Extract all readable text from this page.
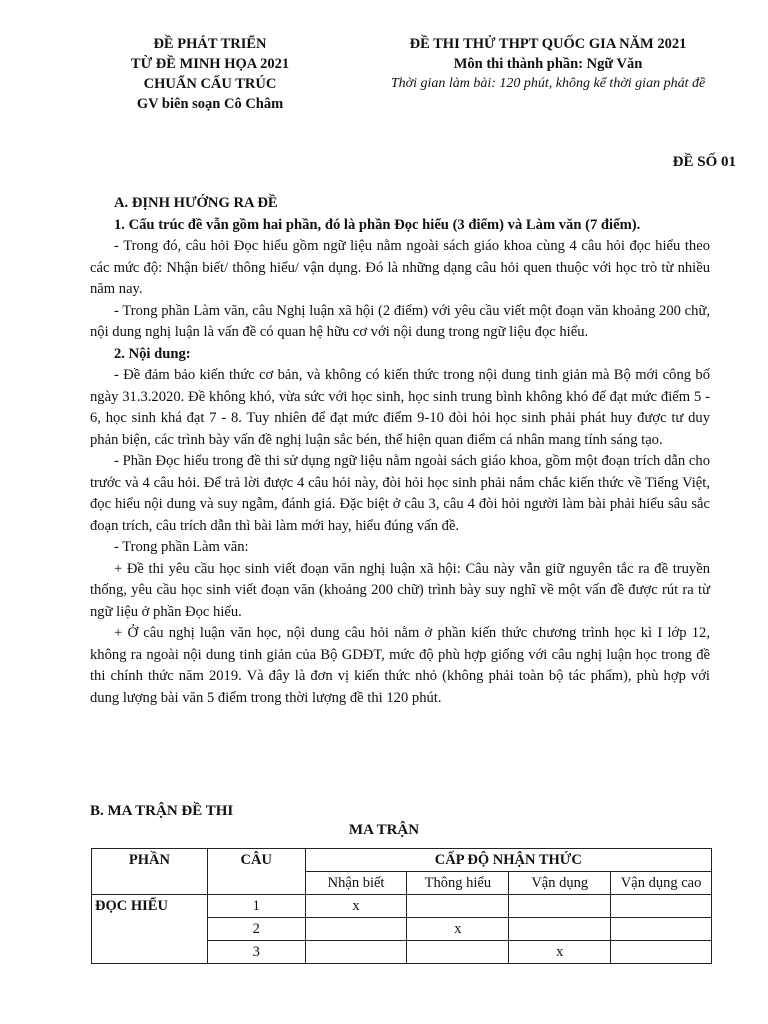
ĐỀ PHÁT TRIỂN
TỪ ĐỀ MINH HỌA 2021
CHUẨN CẤU TRÚC
GV biên soạn Cô Châm
ĐỀ THI THỬ THPT QUỐC GIA NĂM 2021
Môn thi thành phần: Ngữ Văn
Thời gian làm bài: 120 phút, không kể thời gian phát đề
ĐỀ SỐ 01

A. ĐỊNH HƯỚNG RA ĐỀ

1. Cấu trúc đề vẫn gồm hai phần, đó là phần Đọc hiểu (3 điểm) và Làm văn (7 điểm).

- Trong đó, câu hỏi Đọc hiểu gồm ngữ liệu nằm ngoài sách giáo khoa cùng 4 câu hỏi đọc hiểu theo các mức độ: Nhận biết/ thông hiểu/ vận dụng. Đó là những dạng câu hỏi quen thuộc với học trò từ nhiều năm nay.

- Trong phần Làm văn, câu Nghị luận xã hội (2 điểm) với yêu cầu viết một đoạn văn khoảng 200 chữ, nội dung nghị luận là vấn đề có quan hệ hữu cơ với nội dung trong ngữ liệu đọc hiểu.

2. Nội dung:

- Đề đảm bảo kiến thức cơ bản, và không có kiến thức trong nội dung tinh giản mà Bộ mới công bố ngày 31.3.2020. Đề không khó, vừa sức với học sinh, học sinh trung bình không khó để đạt mức điểm 5 - 6, học sinh khá đạt 7 - 8. Tuy nhiên để đạt mức điểm 9-10 đòi hỏi học sinh phải phát huy được tư duy phản biện, các trình bày vấn đề nghị luận sắc bén, thể hiện quan điểm cá nhân mang tính sáng tạo.

- Phần Đọc hiểu trong đề thi sử dụng ngữ liệu nằm ngoài sách giáo khoa, gồm một đoạn trích dẫn cho trước và 4 câu hỏi. Để trả lời được 4 câu hỏi này, đòi hỏi học sinh phải nắm chắc kiến thức về Tiếng Việt, đọc hiểu nội dung và suy ngẫm, đánh giá. Đặc biệt ở câu 3, câu 4 đòi hỏi người làm bài phải hiểu sâu sắc đoạn trích, câu trích dẫn thì bài làm mới hay, hiểu đúng vấn đề.

- Trong phần Làm văn:

+ Đề thi yêu cầu học sinh viết đoạn văn nghị luận xã hội: Câu này vẫn giữ nguyên tắc ra đề truyền thống, yêu cầu học sinh viết đoạn văn (khoảng 200 chữ) trình bày suy nghĩ về một vấn đề được rút ra từ ngữ liệu ở phần Đọc hiểu.

+ Ở câu nghị luận văn học, nội dung câu hỏi nằm ở phần kiến thức chương trình học kì I lớp 12, không ra ngoài nội dung tinh giản của Bộ GDĐT, mức độ phù hợp giống với câu nghị luận học trong đề thi chính thức năm 2019. Và đây là đơn vị kiến thức nhỏ (không phải toàn bộ tác phẩm), phù hợp với dung lượng bài văn 5 điểm trong thời lượng đề thi 120 phút.

B. MA TRẬN ĐỀ THI
MA TRẬN
PHẦN	CÂU	CẤP ĐỘ NHẬN THỨC			
		Nhận biết	Thông hiểu	Vận dụng	Vận dụng cao
ĐỌC HIỂU	1	x			
	2		x		
	3			x	
